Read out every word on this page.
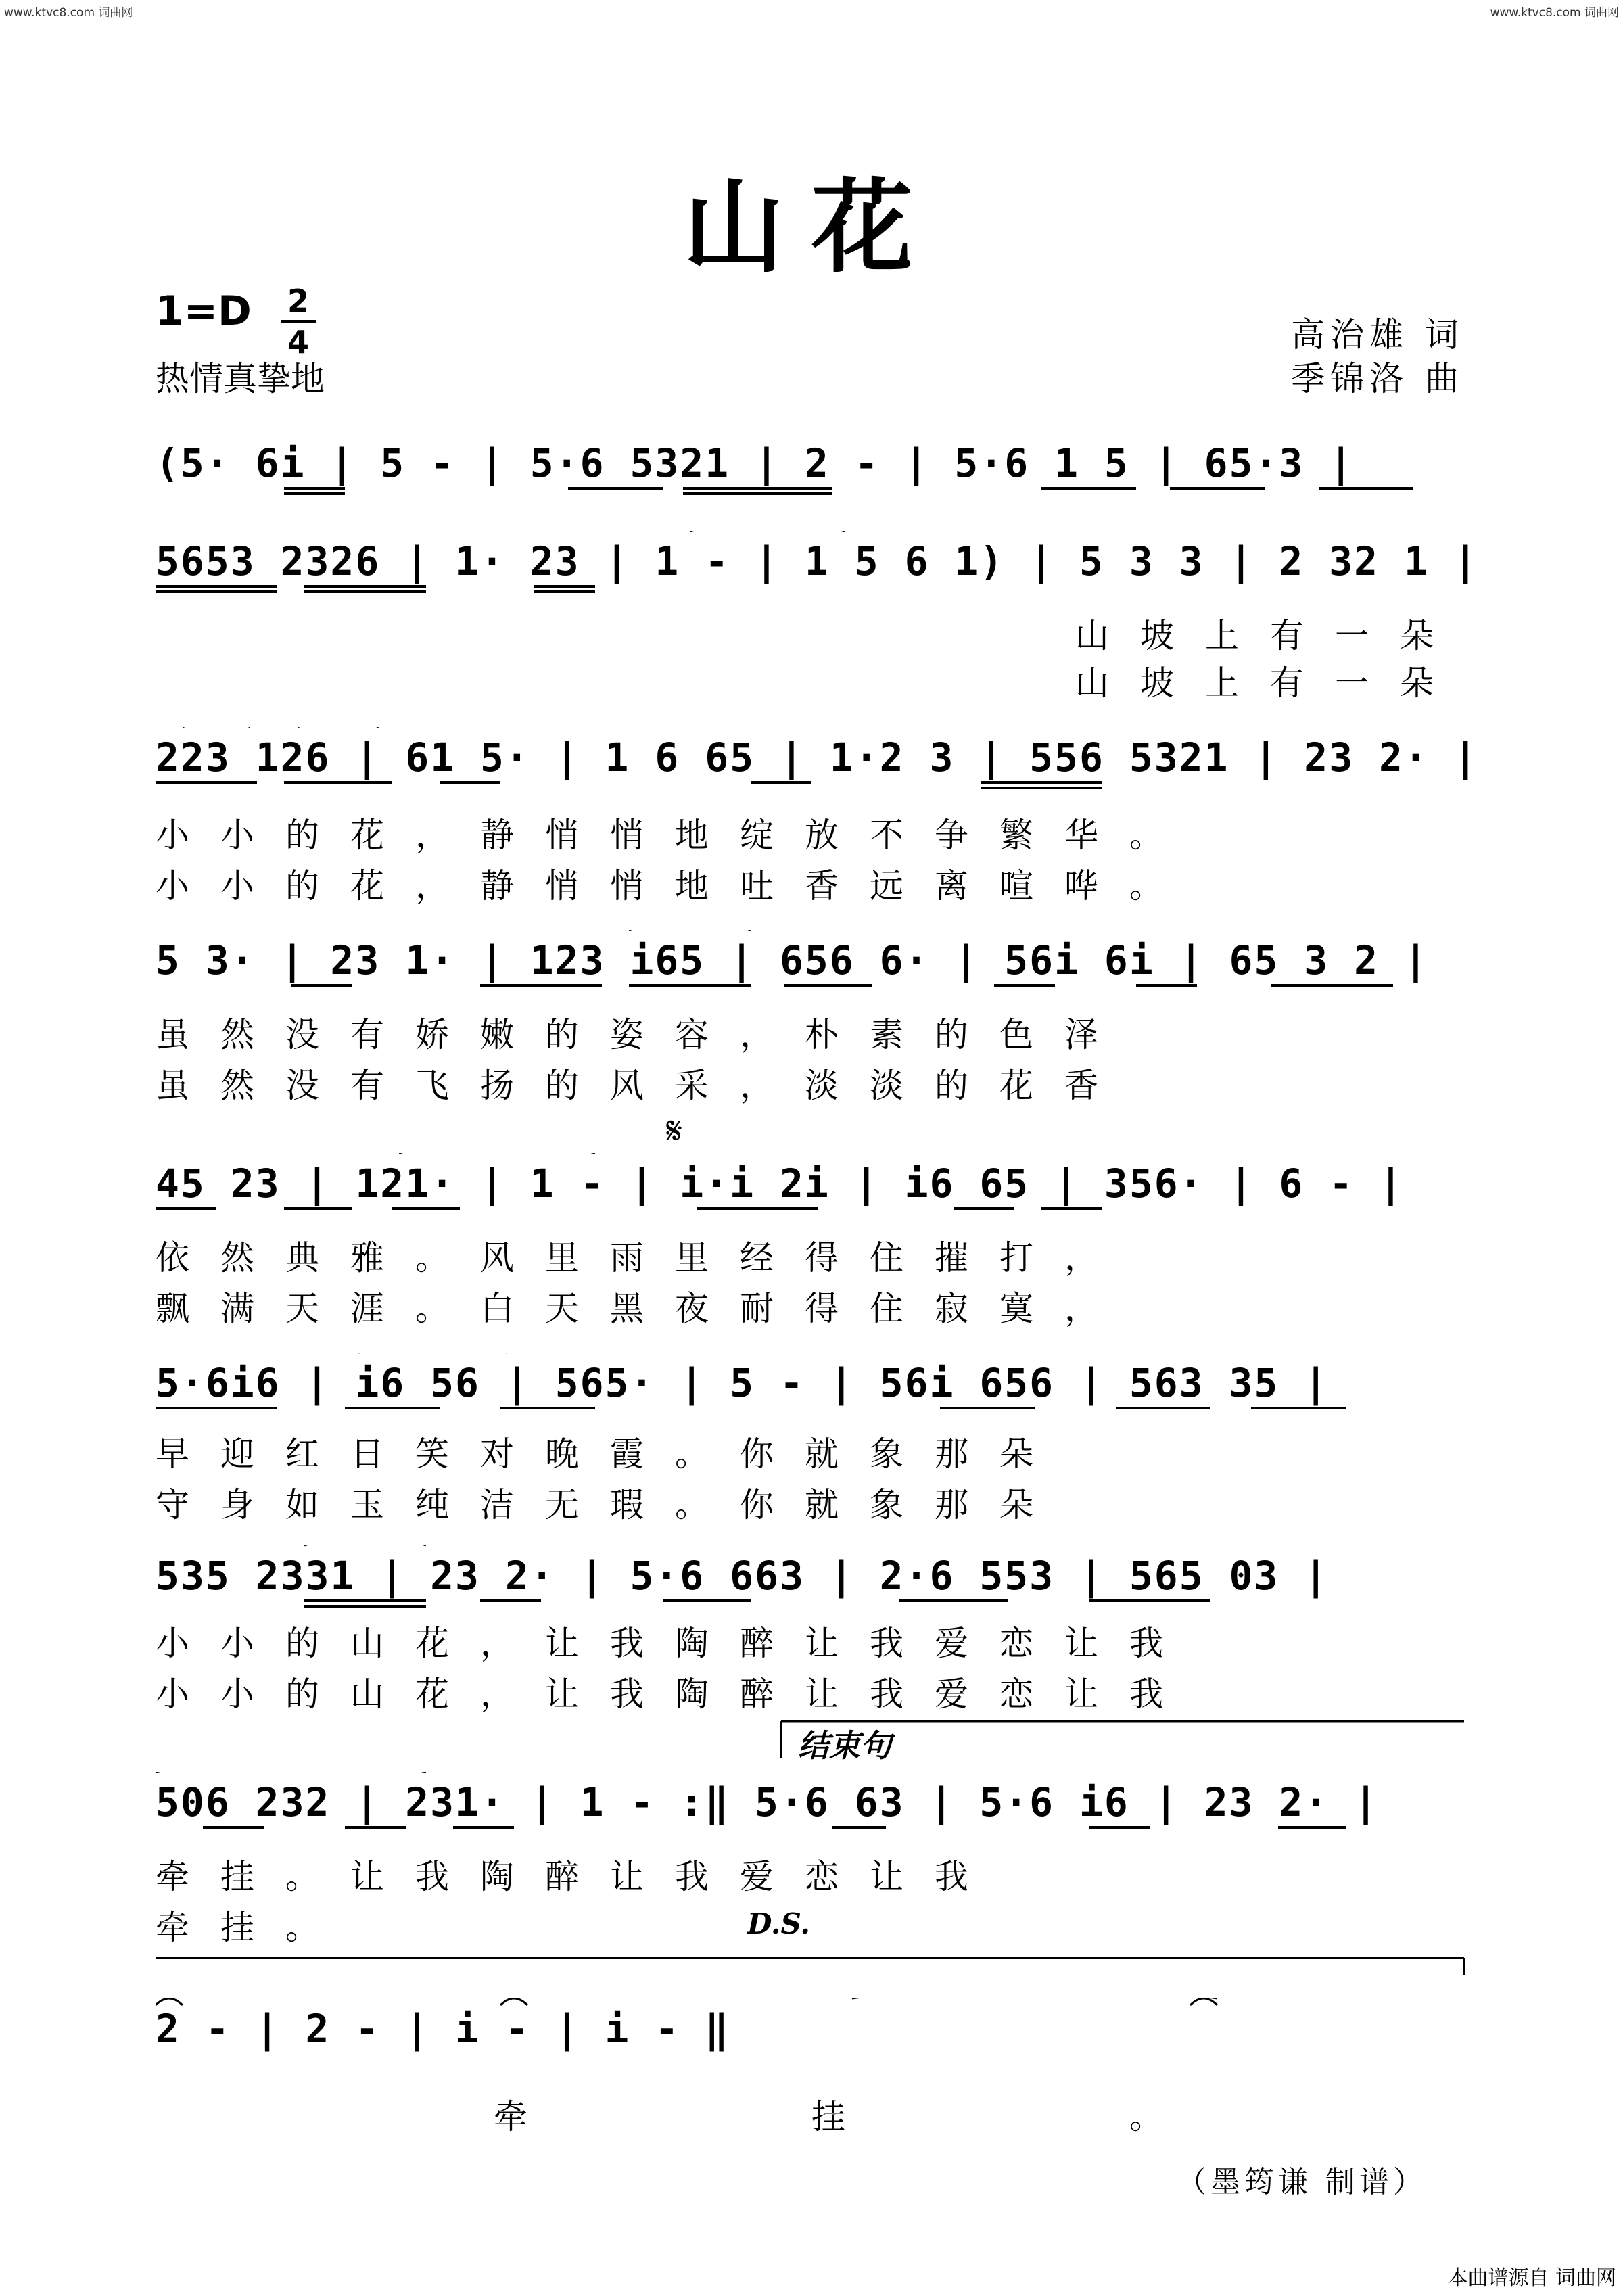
www.ktvc8.com 词曲网	www.ktvc8.com 词曲网
山花
1=D 2
4
热情真挚地
高治雄 词
季锦洛 曲
(5· 6i | 5 - | 5·6 5321 | 2 - | 5·6 1 5 | 65·3 |
5653 2326 | 1· 23 | 1 - | 1 5 6 1) | 5 3 3 | 2 32 1 |
山坡上有一朵
山坡上有一朵
223 126 | 61 5· | 1 6 65 | 1·2 3 | 556 5321 | 23 2· |
小小的花，静悄悄地绽放不争繁华。
小小的花，静悄悄地吐香远离喧哗。
5 3· | 23 1· | 123 i65 | 656 6· | 56i 6i | 65 3 2 |
虽然没有娇嫩的姿容，朴素的色泽
虽然没有飞扬的风采，淡淡的花香
𝄋
45 23 | 121· | 1 - | i·i 2i | i6 65 | 356· | 6 - |
依然典雅。风里雨里经得住摧打，
飘满天涯。白天黑夜耐得住寂寞，
5·6i6 | i6 56 | 565· | 5 - | 56i 656 | 563 35 |
早迎红日笑对晚霞。你就象那朵
守身如玉纯洁无瑕。你就象那朵
535 2331 | 23 2· | 5·6 663 | 2·6 553 | 565 03 |
小小的山花，让我陶醉让我爱恋让我
小小的山花，让我陶醉让我爱恋让我
结束句
506 232 | 231· | 1 - :‖ 5·6 63 | 5·6 i6 | 23 2· |
牵挂。让我陶醉让我爱恋让我
牵挂。	D.S.
2 - | 2 - | i - | i - ‖
牵挂。
（墨筠谦 制谱）
本曲谱源自 词曲网
